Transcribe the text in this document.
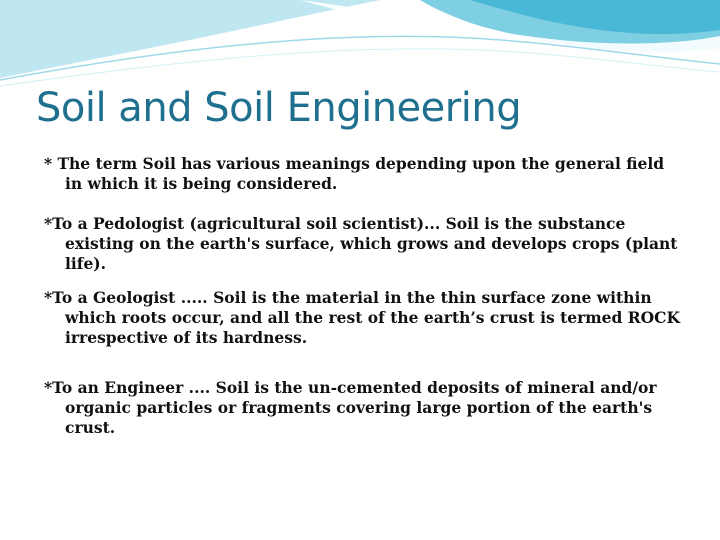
Soil and Soil Engineering
* The term Soil has various meanings depending upon the general field in which it is being considered.
*To a Pedologist (agricultural soil scientist)... Soil is the substance existing on the earth's surface, which grows and develops crops (plant life).
*To a Geologist ..... Soil is the material in the thin surface zone within which roots occur, and all the rest of the earth’s crust is termed ROCK irrespective of its hardness.
*To an Engineer .... Soil is the un-cemented deposits of mineral and/or organic particles or fragments covering large portion of the earth's crust.
